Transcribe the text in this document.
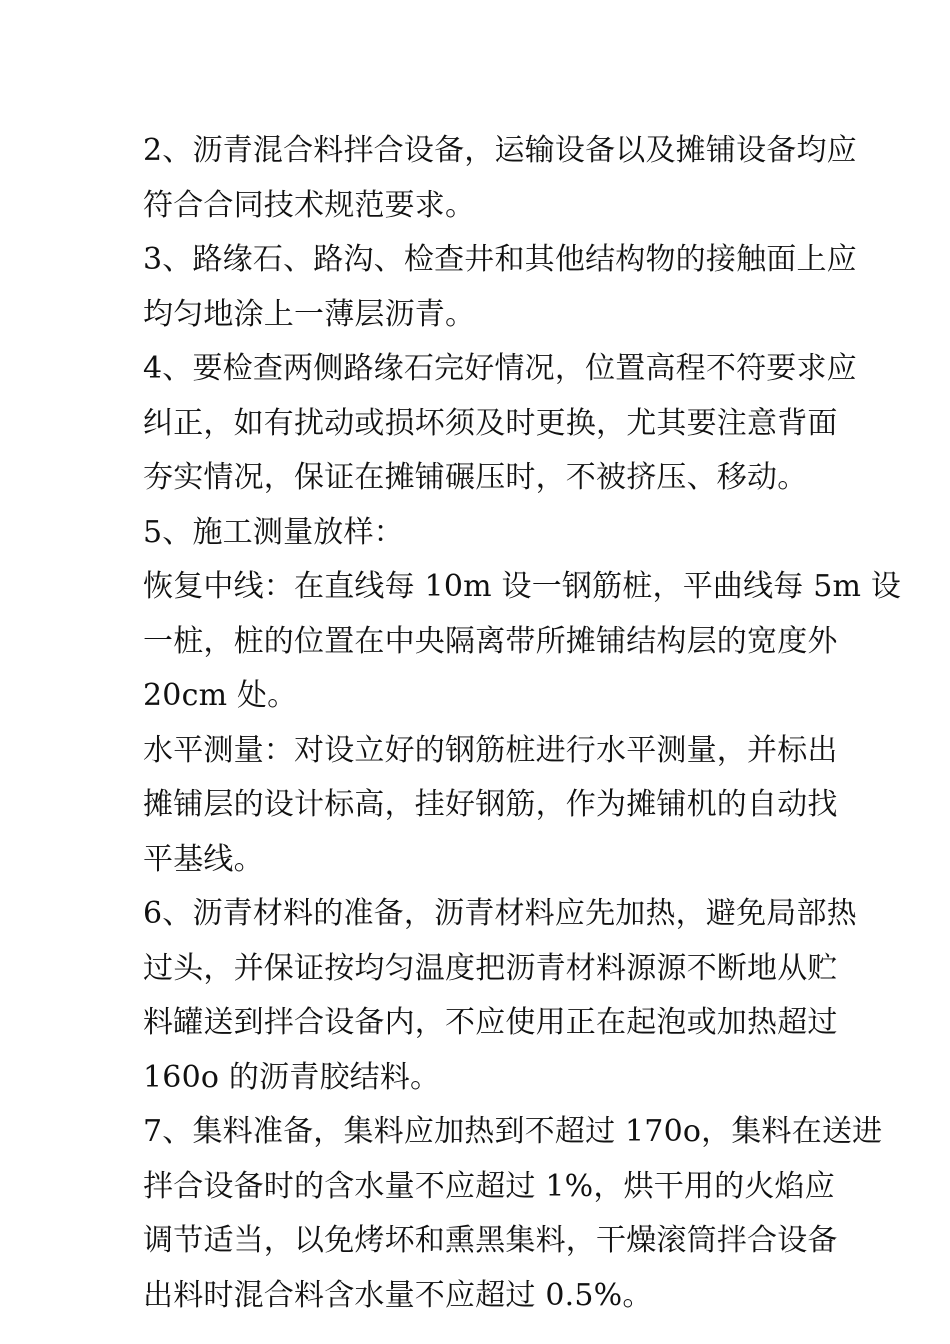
2、沥青混合料拌合设备，运输设备以及摊铺设备均应
符合合同技术规范要求。
3、路缘石、路沟、检查井和其他结构物的接触面上应
均匀地涂上一薄层沥青。
4、要检查两侧路缘石完好情况，位置高程不符要求应
纠正，如有扰动或损坏须及时更换，尤其要注意背面
夯实情况，保证在摊铺碾压时，不被挤压、移动。
5、施工测量放样：
恢复中线：在直线每 10m 设一钢筋桩，平曲线每 5m 设
一桩，桩的位置在中央隔离带所摊铺结构层的宽度外
20cm 处。
水平测量：对设立好的钢筋桩进行水平测量，并标出
摊铺层的设计标高，挂好钢筋，作为摊铺机的自动找
平基线。
6、沥青材料的准备，沥青材料应先加热，避免局部热
过头，并保证按均匀温度把沥青材料源源不断地从贮
料罐送到拌合设备内，不应使用正在起泡或加热超过
160o 的沥青胶结料。
7、集料准备，集料应加热到不超过 170o，集料在送进
拌合设备时的含水量不应超过 1%，烘干用的火焰应
调节适当，以免烤坏和熏黑集料，干燥滚筒拌合设备
出料时混合料含水量不应超过 0.5%。
